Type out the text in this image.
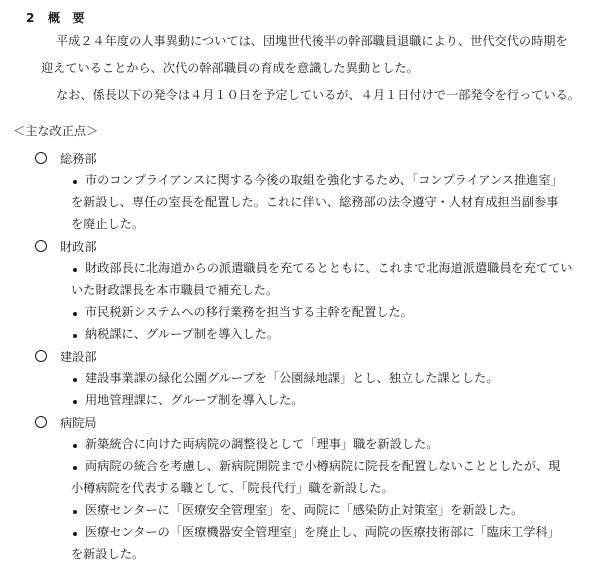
2 概　要
平成２４年度の人事異動については、団塊世代後半の幹部職員退職により、世代交代の時期を
迎えていることから、次代の幹部職員の育成を意識した異動とした。
なお、係長以下の発令は４月１０日を予定しているが、４月１日付けで一部発令を行っている。
＜主な改正点＞
総務部
市のコンプライアンスに関する今後の取組を強化するため、「コンプライアンス推進室」
を新設し、専任の室長を配置した。これに伴い、総務部の法令遵守・人材育成担当副参事
を廃止した。
財政部
財政部長に北海道からの派遣職員を充てるとともに、これまで北海道派遣職員を充ててい
いた財政課長を本市職員で補充した。
市民税新システムへの移行業務を担当する主幹を配置した。
納税課に、グループ制を導入した。
建設部
建設事業課の緑化公園グループを「公園緑地課」とし、独立した課とした。
用地管理課に、グループ制を導入した。
病院局
新築統合に向けた両病院の調整役として「理事」職を新設した。
両病院の統合を考慮し、新病院開院まで小樽病院に院長を配置しないこととしたが、現
小樽病院を代表する職として、「院長代行」職を新設した。
医療センターに「医療安全管理室」を、両院に「感染防止対策室」を新設した。
医療センターの「医療機器安全管理室」を廃止し、両院の医療技術部に「臨床工学科」
を新設した。
